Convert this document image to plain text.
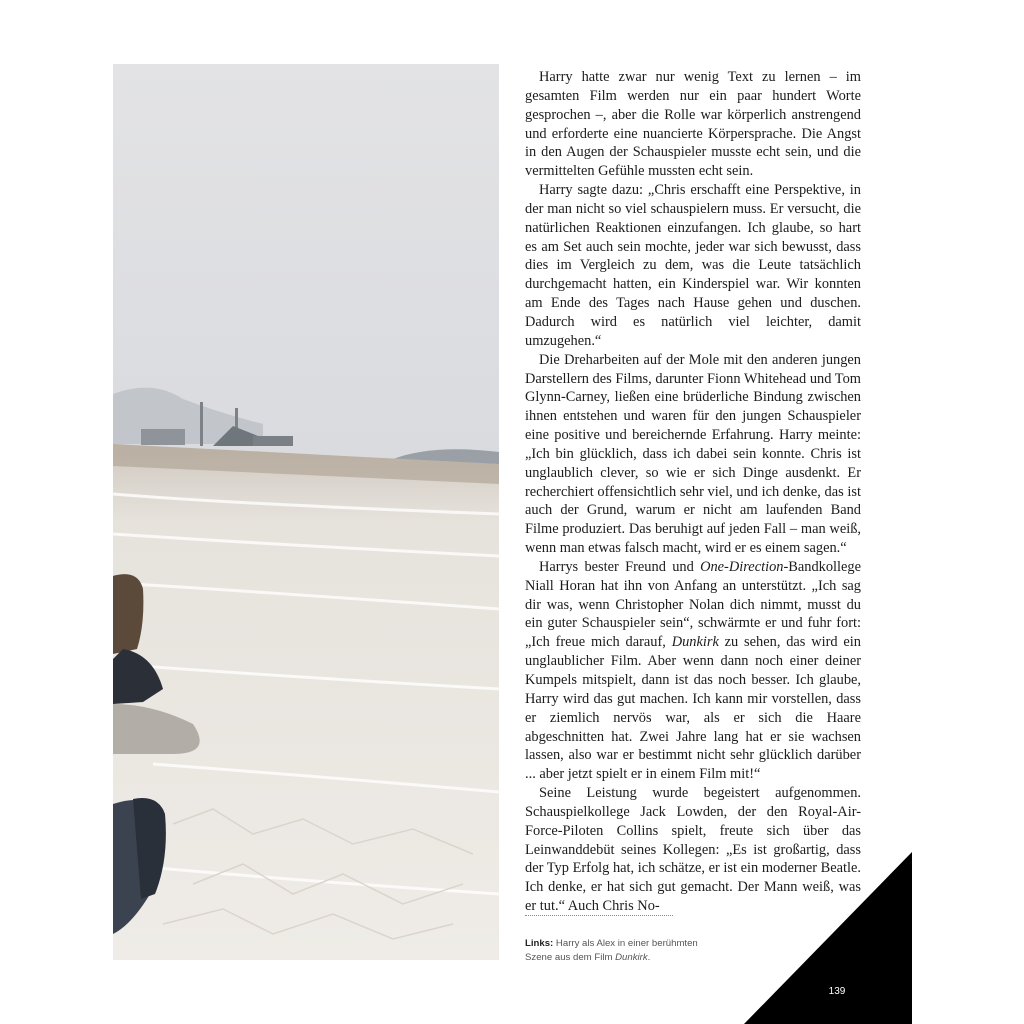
Harry hatte zwar nur wenig Text zu lernen – im gesamten Film werden nur ein paar hundert Worte gesprochen –, aber die Rolle war körperlich anstrengend und erforderte eine nuancierte Körpersprache. Die Angst in den Augen der Schauspieler musste echt sein, und die vermittelten Gefühle mussten echt sein.

Harry sagte dazu: „Chris erschafft eine Perspektive, in der man nicht so viel schauspielern muss. Er versucht, die natürlichen Reaktionen einzufangen. Ich glaube, so hart es am Set auch sein mochte, jeder war sich bewusst, dass dies im Vergleich zu dem, was die Leute tatsächlich durchgemacht hatten, ein Kinderspiel war. Wir konnten am Ende des Tages nach Hause gehen und duschen. Dadurch wird es natürlich viel leichter, damit umzugehen.“

Die Dreharbeiten auf der Mole mit den anderen jungen Darstellern des Films, darunter Fionn Whitehead und Tom Glynn-Carney, ließen eine brüderliche Bindung zwischen ihnen entstehen und waren für den jungen Schauspieler eine positive und bereichernde Erfahrung. Harry meinte: „Ich bin glücklich, dass ich dabei sein konnte. Chris ist unglaublich clever, so wie er sich Dinge ausdenkt. Er recherchiert offensichtlich sehr viel, und ich denke, das ist auch der Grund, warum er nicht am laufenden Band Filme produziert. Das beruhigt auf jeden Fall – man weiß, wenn man etwas falsch macht, wird er es einem sagen.“

Harrys bester Freund und One-Direction-Bandkollege Niall Horan hat ihn von Anfang an unterstützt. „Ich sag dir was, wenn Christopher Nolan dich nimmt, musst du ein guter Schauspieler sein“, schwärmte er und fuhr fort: „Ich freue mich darauf, Dunkirk zu sehen, das wird ein unglaublicher Film. Aber wenn dann noch einer deiner Kumpels mitspielt, dann ist das noch besser. Ich glaube, Harry wird das gut machen. Ich kann mir vorstellen, dass er ziemlich nervös war, als er sich die Haare abgeschnitten hat. Zwei Jahre lang hat er sie wachsen lassen, also war er bestimmt nicht sehr glücklich darüber ... aber jetzt spielt er in einem Film mit!“

Seine Leistung wurde begeistert aufgenommen. Schauspielkollege Jack Lowden, der den Royal-Air-Force-Piloten Collins spielt, freute sich über das Leinwanddebüt seines Kollegen: „Es ist großartig, dass der Typ Erfolg hat, ich schätze, er ist ein moderner Beatle. Ich denke, er hat sich gut gemacht. Der Mann weiß, was er tut.“ Auch Chris No-

Links: Harry als Alex in einer berühmten Szene aus dem Film Dunkirk.
139
